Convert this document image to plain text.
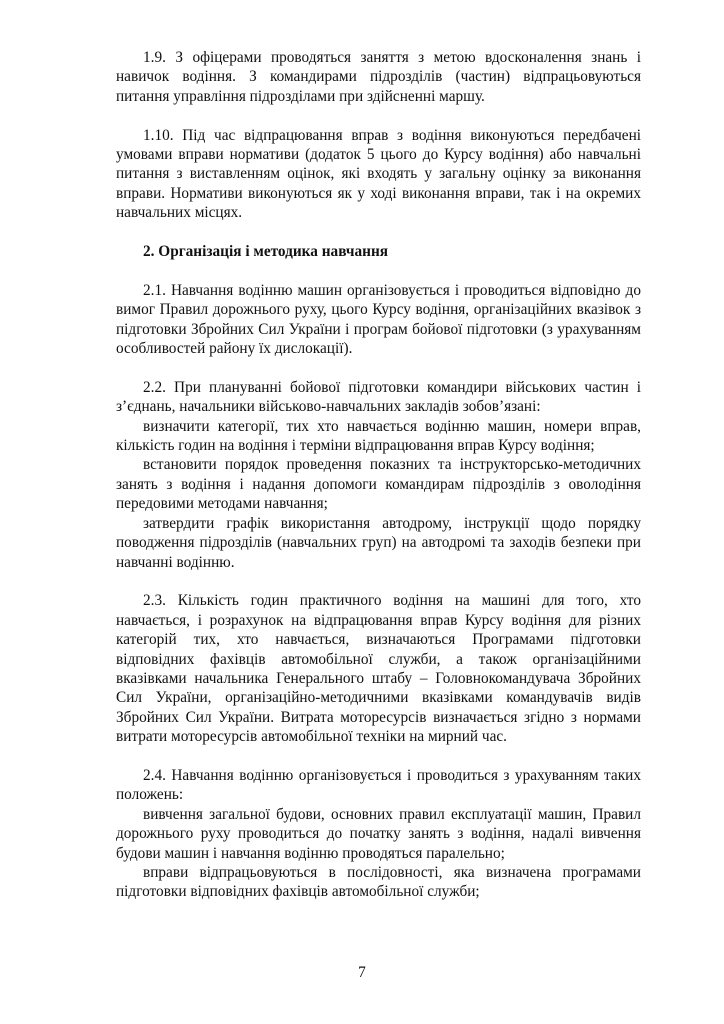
1.9. З офіцерами проводяться заняття з метою вдосконалення знань і навичок водіння. З командирами підрозділів (частин) відпрацьовуються питання управління підрозділами при здійсненні маршу.

1.10. Під час відпрацювання вправ з водіння виконуються передбачені умовами вправи нормативи (додаток 5 цього до Курсу водіння) або навчальні питання з виставленням оцінок, які входять у загальну оцінку за виконання вправи. Нормативи виконуються як у ході виконання вправи, так і на окремих навчальних місцях.

2. Організація і методика навчання

2.1. Навчання водінню машин організовується і проводиться відповідно до вимог Правил дорожнього руху, цього Курсу водіння, організаційних вказівок з підготовки Збройних Сил України і програм бойової підготовки (з урахуванням особливостей району їх дислокації).

2.2. При плануванні бойової підготовки командири військових частин і з’єднань, начальники військово-навчальних закладів зобов’язані:

визначити категорії, тих хто навчається водінню машин, номери вправ, кількість годин на водіння і терміни відпрацювання вправ Курсу водіння;

встановити порядок проведення показних та інструкторсько-методичних занять з водіння і надання допомоги командирам підрозділів з оволодіння передовими методами навчання;

затвердити графік використання автодрому, інструкції щодо порядку поводження підрозділів (навчальних груп) на автодромі та заходів безпеки при навчанні водінню.

2.3. Кількість годин практичного водіння на машині для того, хто навчається, і розрахунок на відпрацювання вправ Курсу водіння для різних категорій тих, хто навчається, визначаються Програмами підготовки відповідних фахівців автомобільної служби, а також організаційними вказівками начальника Генерального штабу – Головнокомандувача Збройних Сил України, організаційно-методичними вказівками командувачів видів Збройних Сил України. Витрата моторесурсів визначається згідно з нормами витрати моторесурсів автомобільної техніки на мирний час.

2.4. Навчання водінню організовується і проводиться з урахуванням таких положень:

вивчення загальної будови, основних правил експлуатації машин, Правил дорожнього руху проводиться до початку занять з водіння, надалі вивчення будови машин і навчання водінню проводяться паралельно;

вправи відпрацьовуються в послідовності, яка визначена програмами підготовки відповідних фахівців автомобільної служби;

7
